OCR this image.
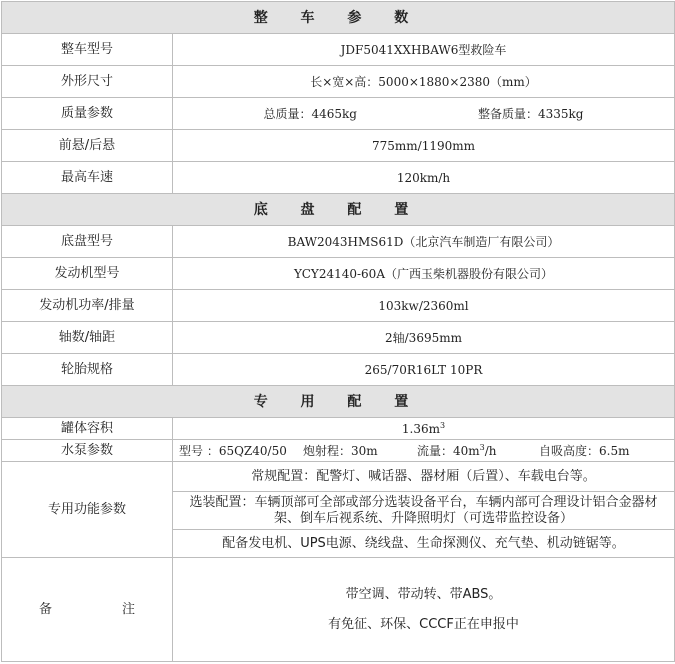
整 车 参 数	
整车型号	JDF5041XXHBAW6型救险车
外形尺寸	长×宽×高：5000×1880×2380（mm）
质量参数	总质量：4465kg 整备质量：4335kg
前悬/后悬	775mm/1190mm
最高车速	120km/h
底 盘 配 置	
底盘型号	BAW2043HMS61D（北京汽车制造厂有限公司）
发动机型号	YCY24140-60A（广西玉柴机器股份有限公司）
发动机功率/排量	103kw/2360ml
轴数/轴距	2轴/3695mm
轮胎规格	265/70R16LT 10PR
专 用 配 置	
罐体容积	$1.36m^3$
水泵参数	型号 ：65QZ40/50 炮射程：30m 流量：$40m^3/h$ 自吸高度：6.5m
专用功能参数	常规配置：配警灯、喊话器、器材厢（后置）、车载电台等。
	选装配置：车辆顶部可全部或部分选装设备平台，车辆内部可合理设计铝合金器材架、倒车后视系统、升降照明灯（可选带监控设备）
	配备发电机、UPS电源、绕线盘、生命探测仪、充气垫、机动链锯等。
备 注	带空调、带动转、带ABS。
有免征、环保、CCCF正在申报中
